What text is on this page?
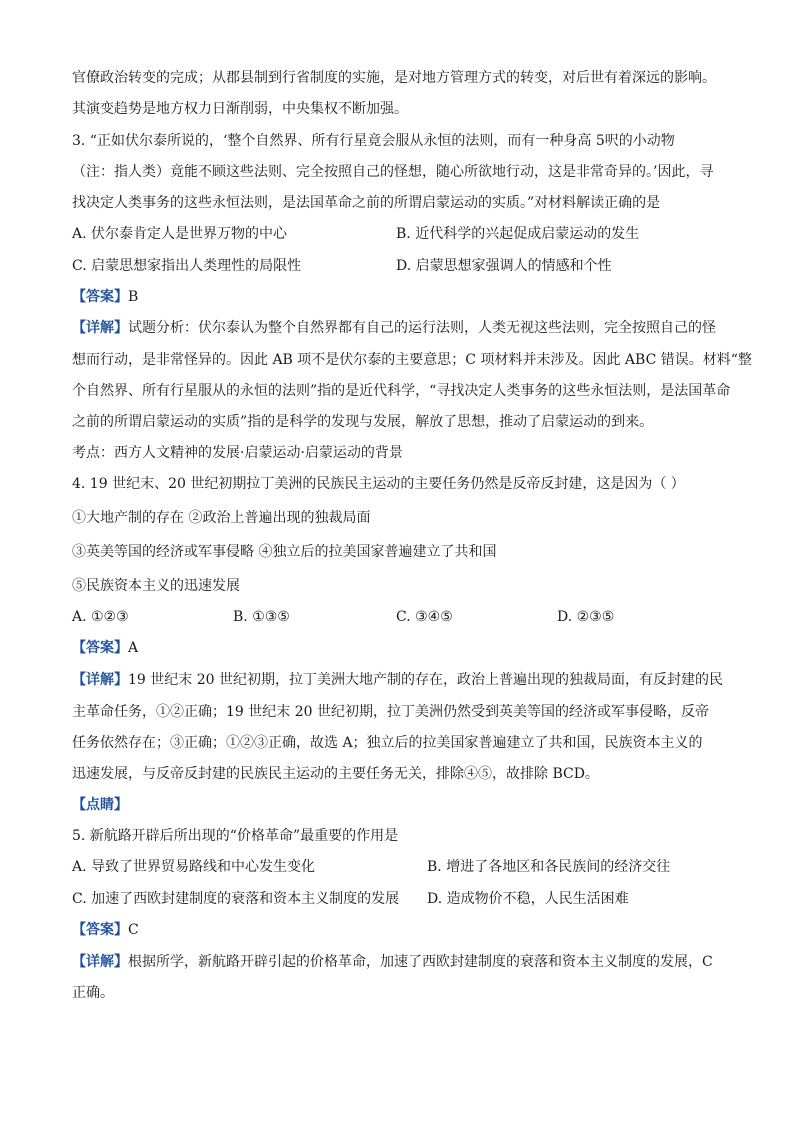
官僚政治转变的完成；从郡县制到行省制度的实施，是对地方管理方式的转变，对后世有着深远的影响。
其演变趋势是地方权力日渐削弱，中央集权不断加强。
3. “正如伏尔泰所说的，‘整个自然界、所有行星竟会服从永恒的法则，而有一种身高 5呎的小动物
（注：指人类）竟能不顾这些法则、完全按照自己的怪想，随心所欲地行动，这是非常奇异的。’因此，寻
找决定人类事务的这些永恒法则，是法国革命之前的所谓启蒙运动的实质。”对材料解读正确的是
A. 伏尔泰肯定人是世界万物的中心	B. 近代科学的兴起促成启蒙运动的发生
C. 启蒙思想家指出人类理性的局限性	D. 启蒙思想家强调人的情感和个性
【答案】B
【详解】试题分析：伏尔泰认为整个自然界都有自己的运行法则，人类无视这些法则，完全按照自己的怪
想而行动，是非常怪异的。因此 AB 项不是伏尔泰的主要意思；C 项材料并未涉及。因此 ABC 错误。材料“整
个自然界、所有行星服从的永恒的法则”指的是近代科学，“寻找决定人类事务的这些永恒法则，是法国革命
之前的所谓启蒙运动的实质”指的是科学的发现与发展，解放了思想，推动了启蒙运动的到来。
考点：西方人文精神的发展·启蒙运动·启蒙运动的背景
4. 19 世纪末、20 世纪初期拉丁美洲的民族民主运动的主要任务仍然是反帝反封建，这是因为（ ）
①大地产制的存在 ②政治上普遍出现的独裁局面
③英美等国的经济或军事侵略 ④独立后的拉美国家普遍建立了共和国
⑤民族资本主义的迅速发展
A. ①②③	B. ①③⑤	C. ③④⑤	D. ②③⑤
【答案】A
【详解】19 世纪末 20 世纪初期，拉丁美洲大地产制的存在，政治上普遍出现的独裁局面，有反封建的民
主革命任务，①②正确；19 世纪末 20 世纪初期，拉丁美洲仍然受到英美等国的经济或军事侵略，反帝
任务依然存在；③正确；①②③正确，故选 A；独立后的拉美国家普遍建立了共和国，民族资本主义的
迅速发展，与反帝反封建的民族民主运动的主要任务无关，排除④⑤，故排除 BCD。
【点睛】
5. 新航路开辟后所出现的“价格革命”最重要的作用是
A. 导致了世界贸易路线和中心发生变化	B. 增进了各地区和各民族间的经济交往
C. 加速了西欧封建制度的衰落和资本主义制度的发展 D. 造成物价不稳，人民生活困难
【答案】C
【详解】根据所学，新航路开辟引起的价格革命，加速了西欧封建制度的衰落和资本主义制度的发展，C
正确。
